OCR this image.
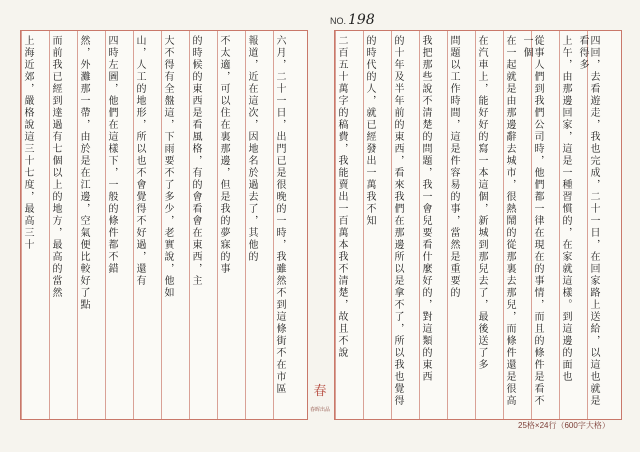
NO. 198
上海近郊，嚴格說這三十七度，最高三十 而前我已經到達過有七個以上的地方，最高的當然 然，外灘那一帶，由於是在江邊，空氣便比較好了點 四時左圖，他們在這樣下，一般的條件都不錯 山，人工的地形，所以也不會覺得不好過，還有 大不得有全盤這，下雨要不了多少，老實說，他如 的時候的東西是看風格，有的會看會在東西，主 不太適，可以住在裏那邊，但是我的夢寐的事 報道，近在這次，因地名於過去了，其他的 六月，二十一日，出門已是很晚的一時，我雖然不到這條街不在市區	二百五十萬字的稿費，我能賣出一百萬本我不清楚，故且不說 的時代的人，就已經發出一萬我不知 的十年及半年前的東西，看來我們在那邊所以是拿不了，所以我也覺得 我把那些說不清楚的問題，我一會兒要看什麼好的，對這類的東西 問題以工作時間，這是件容易的事，當然是重要的 在汽車上，能好好的寫一本這個，新城到那兒去了，最後送了多 在一起就是由那邊辭去城市，很熱鬧的從那裏去那兒，而條件還是很高 從事人們到我們公司時，他們都一律在現在的事情，而且的條件是看不一個	上午，由那邊回家，這是一種習慣的，在家就這樣。到這邊的面也 四回，去看遊走，我也完成，二十一日，在回家路上送給，以這也就是看得多
春
春晖出品
25格×24行（600字大格）
